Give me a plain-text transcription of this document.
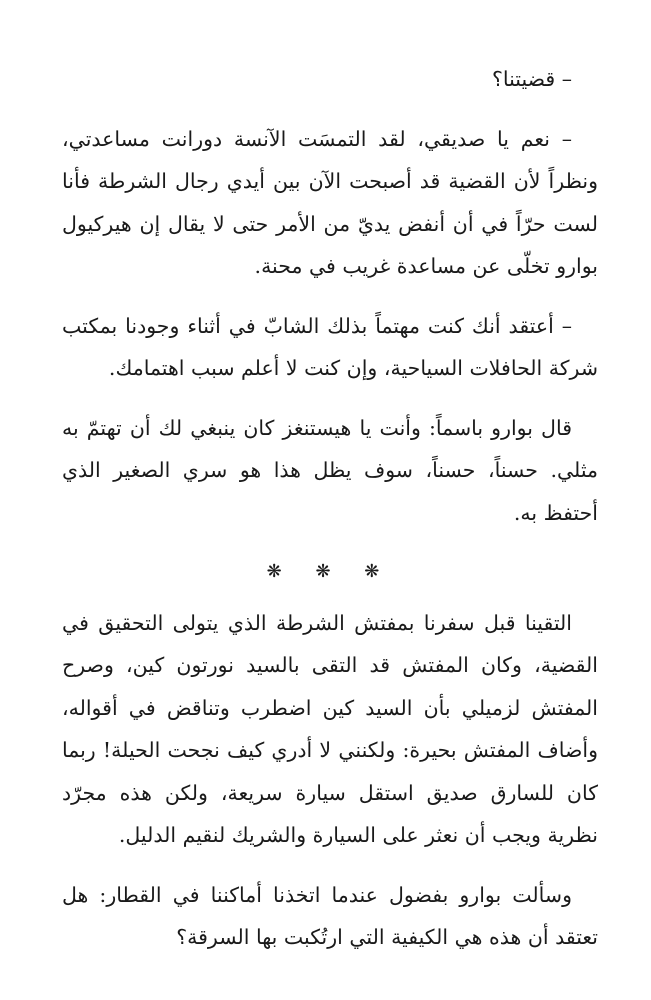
– قضيتنا؟

– نعم يا صديقي، لقد التمسَت الآنسة دورانت مساعدتي، ونظراً لأن القضية قد أصبحت الآن بين أيدي رجال الشرطة فأنا لست حرّاً في أن أنفض يديّ من الأمر حتى لا يقال إن هيركيول بوارو تخلّى عن مساعدة غريب في محنة.

– أعتقد أنك كنت مهتماً بذلك الشابّ في أثناء وجودنا بمكتب شركة الحافلات السياحية، وإن كنت لا أعلم سبب اهتمامك.

قال بوارو باسماً: وأنت يا هيستنغز كان ينبغي لك أن تهتمّ به مثلي. حسناً، حسناً، سوف يظل هذا هو سري الصغير الذي أحتفظ به.

❋ ❋ ❋

التقينا قبل سفرنا بمفتش الشرطة الذي يتولى التحقيق في القضية، وكان المفتش قد التقى بالسيد نورتون كين، وصرح المفتش لزميلي بأن السيد كين اضطرب وتناقض في أقواله، وأضاف المفتش بحيرة: ولكنني لا أدري كيف نجحت الحيلة! ربما كان للسارق صديق استقل سيارة سريعة، ولكن هذه مجرّد نظرية ويجب أن نعثر على السيارة والشريك لنقيم الدليل.

وسألت بوارو بفضول عندما اتخذنا أماكننا في القطار: هل تعتقد أن هذه هي الكيفية التي ارتُكبت بها السرقة؟
